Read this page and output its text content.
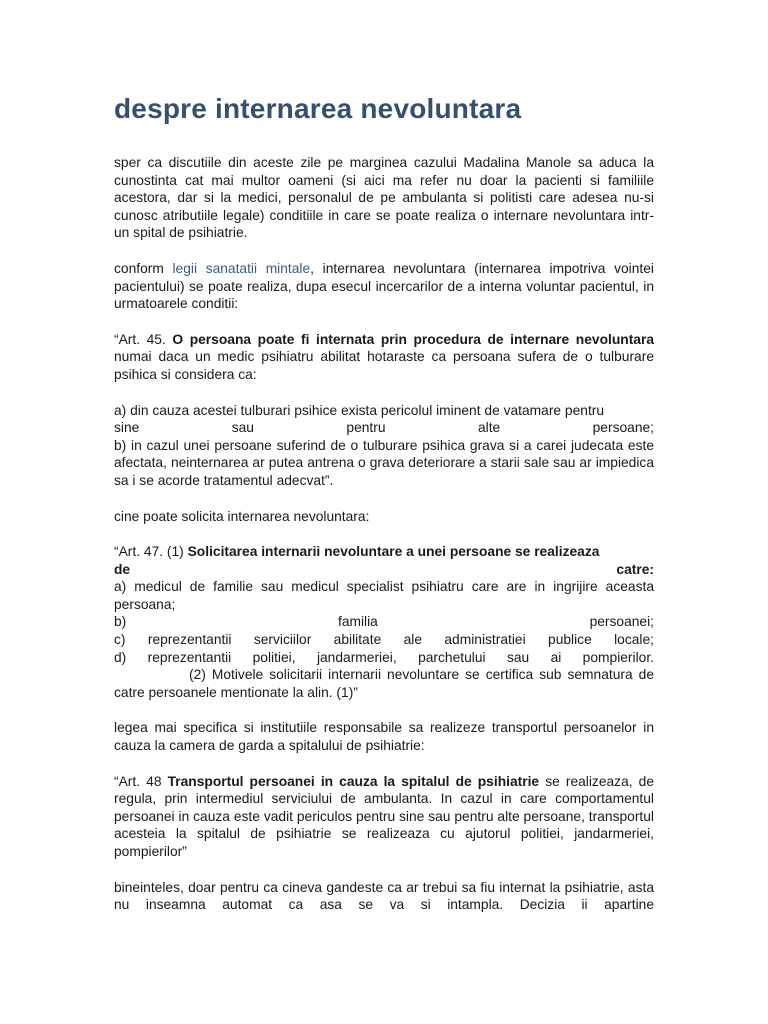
despre internarea nevoluntara

sper ca discutiile din aceste zile pe marginea cazului Madalina Manole sa aduca la cunostinta cat mai multor oameni (si aici ma refer nu doar la pacienti si familiile acestora, dar si la medici, personalul de pe ambulanta si politisti care adesea nu-si cunosc atributiile legale) conditiile in care se poate realiza o internare nevoluntara intr-un spital de psihiatrie.

conform legii sanatatii mintale, internarea nevoluntara (internarea impotriva vointei pacientului) se poate realiza, dupa esecul incercarilor de a interna voluntar pacientul, in urmatoarele conditii:

“Art. 45. O persoana poate fi internata prin procedura de internare nevoluntara numai daca un medic psihiatru abilitat hotaraste ca persoana sufera de o tulburare psihica si considera ca:

a) din cauza acestei tulburari psihice exista pericolul iminent de vatamare pentru
sine sau pentru alte persoane;
b) in cazul unei persoane suferind de o tulburare psihica grava si a carei judecata este afectata, neinternarea ar putea antrena o grava deteriorare a starii sale sau ar impiedica sa i se acorde tratamentul adecvat”.

cine poate solicita internarea nevoluntara:

“Art. 47. (1) Solicitarea internarii nevoluntare a unei persoane se realizeaza
de catre:
a) medicul de familie sau medicul specialist psihiatru care are in ingrijire aceasta persoana;
b) familia persoanei;
c) reprezentantii serviciilor abilitate ale administratiei publice locale;
d) reprezentantii politiei, jandarmeriei, parchetului sau ai pompierilor.
(2) Motivele solicitarii internarii nevoluntare se certifica sub semnatura de catre persoanele mentionate la alin. (1)”

legea mai specifica si institutiile responsabile sa realizeze transportul persoanelor in cauza la camera de garda a spitalului de psihiatrie:

“Art. 48 Transportul persoanei in cauza la spitalul de psihiatrie se realizeaza, de regula, prin intermediul serviciului de ambulanta. In cazul in care comportamentul persoanei in cauza este vadit periculos pentru sine sau pentru alte persoane, transportul acesteia la spitalul de psihiatrie se realizeaza cu ajutorul politiei, jandarmeriei, pompierilor”

bineinteles, doar pentru ca cineva gandeste ca ar trebui sa fiu internat la psihiatrie, asta nu inseamna automat ca asa se va si intampla. Decizia ii apartine
